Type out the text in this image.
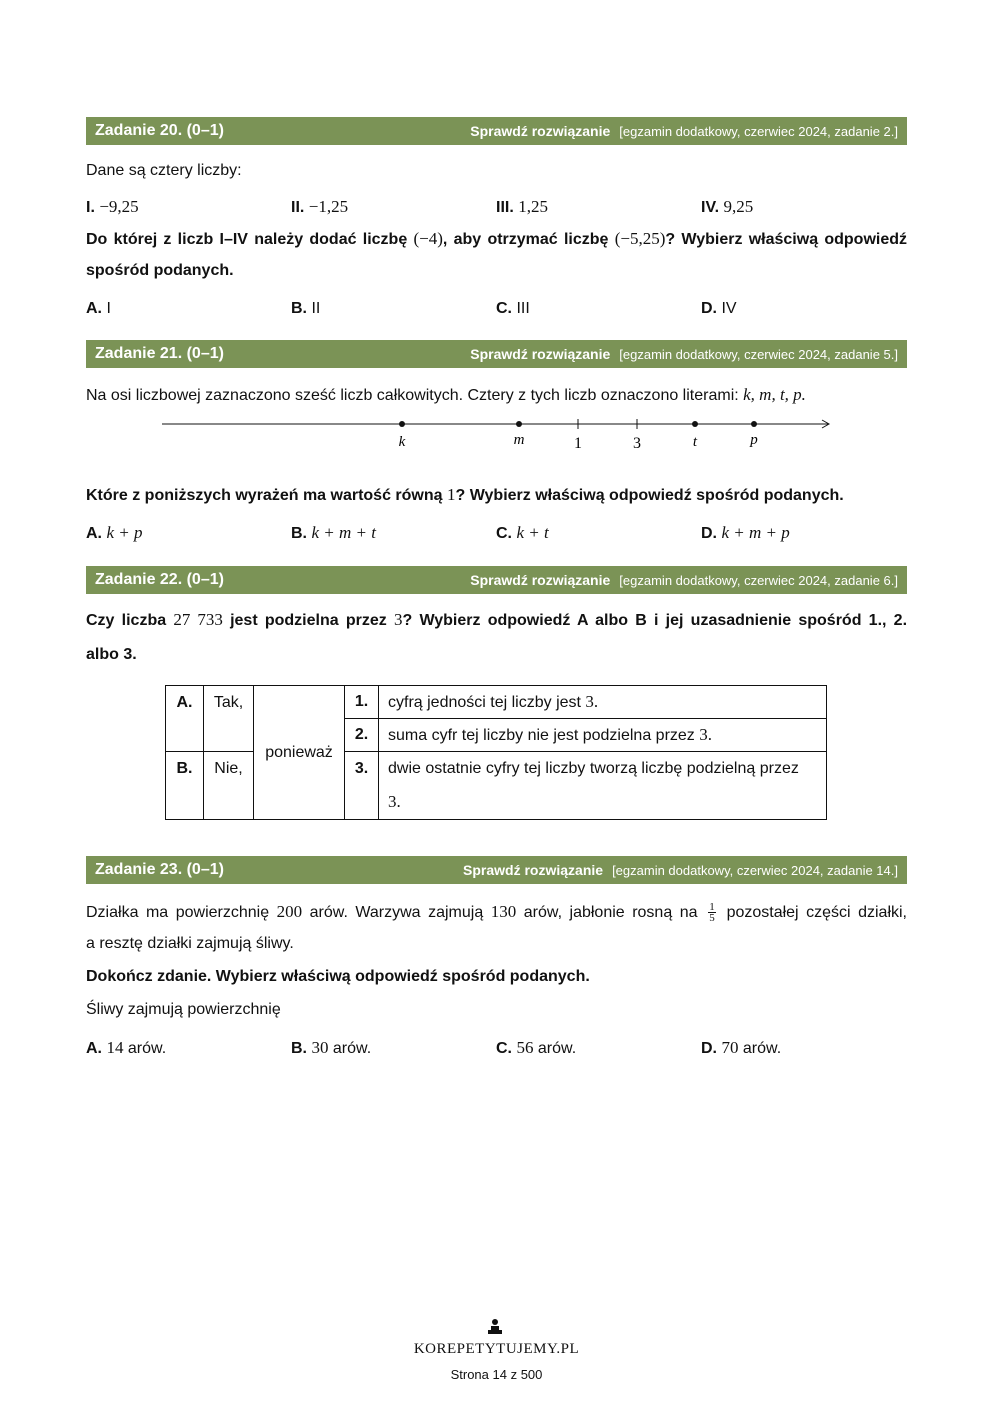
Zadanie 20. (0–1)	Sprawdź rozwiązanie [egzamin dodatkowy, czerwiec 2024, zadanie 2.]
Dane są cztery liczby:
I. −9,25	II. −1,25	III. 1,25	IV. 9,25
Do której z liczb I–IV należy dodać liczbę (−4), aby otrzymać liczbę (−5,25)? Wybierz właściwą odpowiedź
spośród podanych.
A. I	B. II	C. III	D. IV
Zadanie 21. (0–1)	Sprawdź rozwiązanie [egzamin dodatkowy, czerwiec 2024, zadanie 5.]
Na osi liczbowej zaznaczono sześć liczb całkowitych. Cztery z tych liczb oznaczono literami: k, m, t, p.
k	m	1	3	t	p
Które z poniższych wyrażeń ma wartość równą 1? Wybierz właściwą odpowiedź spośród podanych.
A. k + p	B. k + m + t	C. k + t	D. k + m + p
Zadanie 22. (0–1)	Sprawdź rozwiązanie [egzamin dodatkowy, czerwiec 2024, zadanie 6.]
Czy liczba 27 733 jest podzielna przez 3? Wybierz odpowiedź A albo B i jej uzasadnienie spośród 1., 2.
albo 3.
A.	Tak,	ponieważ	1.	cyfrą jedności tej liczby jest 3.
			2.	suma cyfr tej liczby nie jest podzielna przez 3.
B.	Nie,		3.	dwie ostatnie cyfry tej liczby tworzą liczbę podzielną przez
3.

Zadanie 23. (0–1)	Sprawdź rozwiązanie [egzamin dodatkowy, czerwiec 2024, zadanie 14.]
Działka ma powierzchnię 200 arów. Warzywa zajmują 130 arów, jabłonie rosną na $\frac{1}{5}$ pozostałej części działki,
a resztę działki zajmują śliwy.
Dokończ zdanie. Wybierz właściwą odpowiedź spośród podanych.
Śliwy zajmują powierzchnię
A. 14 arów.	B. 30 arów.	C. 56 arów.	D. 70 arów.
KOREPETYTUJEMY.PL
Strona 14 z 500
